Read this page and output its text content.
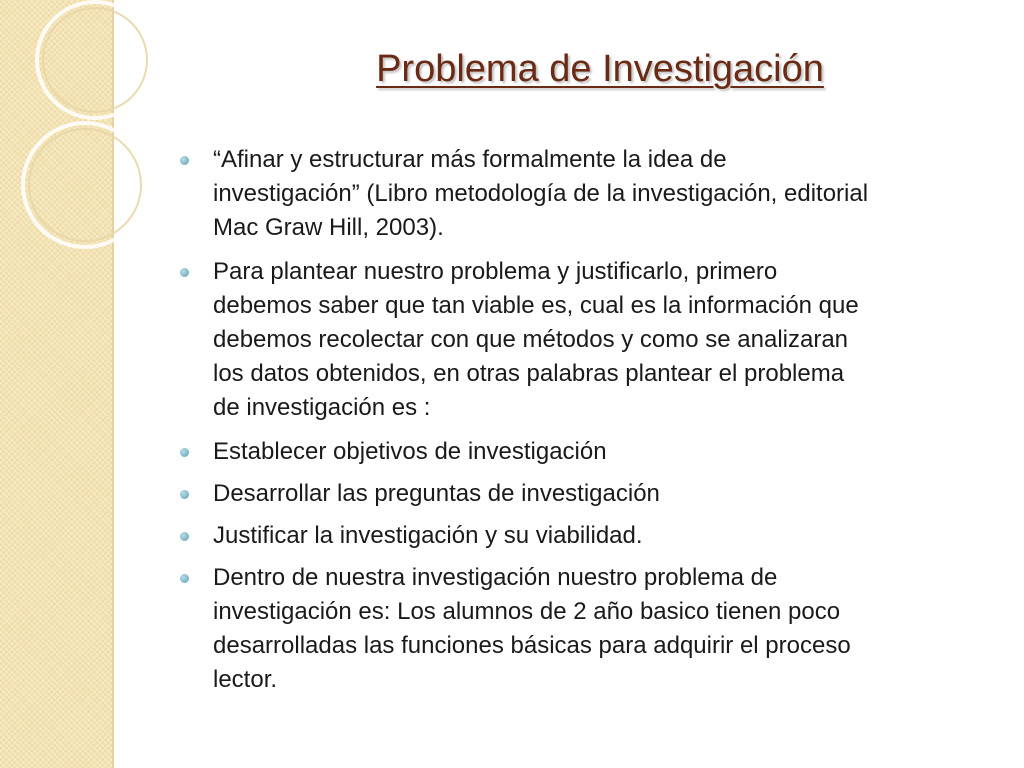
Problema de Investigación
“Afinar y estructurar más formalmente la idea de
investigación” (Libro metodología de la investigación, editorial
Mac Graw Hill, 2003).
Para plantear nuestro problema y justificarlo, primero
debemos saber que tan viable es, cual es la información que
debemos recolectar con que métodos y como se analizaran
los datos obtenidos, en otras palabras plantear el problema
de investigación es :
Establecer objetivos de investigación
Desarrollar las preguntas de investigación
Justificar la investigación y su viabilidad.
Dentro de nuestra investigación nuestro problema de
investigación es: Los alumnos de 2 año basico tienen poco
desarrolladas las funciones básicas para adquirir el proceso
lector.
